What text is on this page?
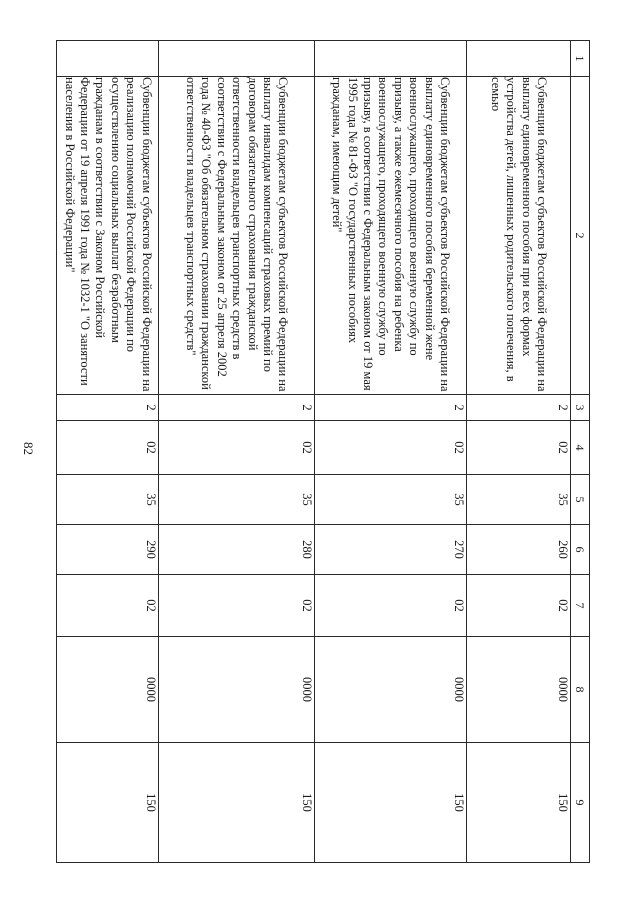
82
1	2	3	4	5	6	7	8	9
	Субвенции бюджетам субъектов Российской Федерации на выплату единовременного пособия при всех формах устройства детей, лишенных родительского попечения, в семью	2	02	35	260	02	0000	150
	Субвенции бюджетам субъектов Российской Федерации на выплату единовременного пособия беременной жене военнослужащего, проходящего военную службу по призыву, а также ежемесячного пособия на ребенка военнослужащего, проходящего военную службу по призыву, в соответствии с Федеральным законом от 19 мая 1995 года № 81-ФЗ "О государственных пособиях гражданам, имеющим детей"	2	02	35	270	02	0000	150
	Субвенции бюджетам субъектов Российской Федерации на выплату инвалидам компенсаций страховых премий по договорам обязательного страхования гражданской ответственности владельцев транспортных средств в соответствии с Федеральным законом от 25 апреля 2002 года № 40-ФЗ "Об обязательном страховании гражданской ответственности владельцев транспортных средств"	2	02	35	280	02	0000	150
	Субвенции бюджетам субъектов Российской Федерации на реализацию полномочий Российской Федерации по осуществлению социальных выплат безработным гражданам в соответствии с Законом Российской Федерации от 19 апреля 1991 года № 1032-1 "О занятости населения в Российской Федерации"	2	02	35	290	02	0000	150
